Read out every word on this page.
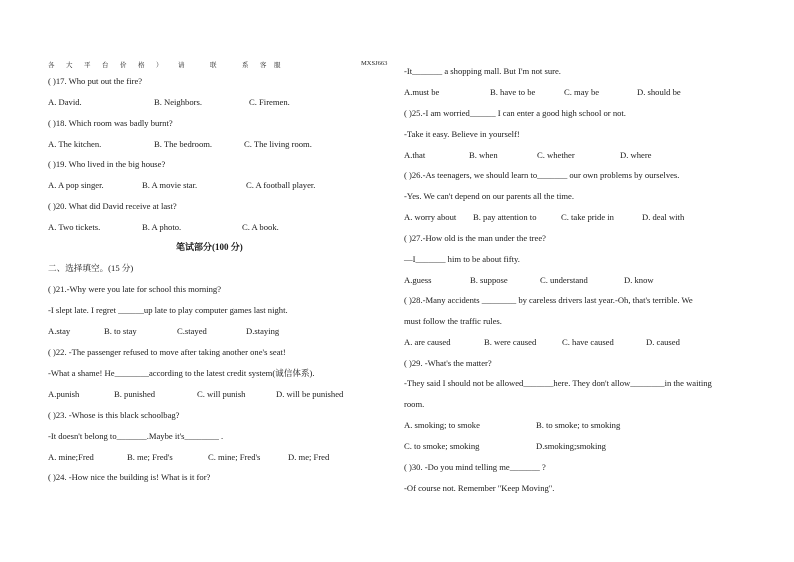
各 大 平 台 价 格 ） 请	联	系 客 服	MXSJ663
( )17. Who put out the fire?
A. David.	B. Neighbors.	C. Firemen.
( )18. Which room was badly burnt?
A. The kitchen.	B. The bedroom.	C. The living room.
( )19. Who lived in the big house?
A. A pop singer.	B. A movie star.	C. A football player.
( )20. What did David receive at last?
A. Two tickets.	B. A photo.	C. A book.
笔试部分(100 分)
二、选择填空。(15 分)
( )21.-Why were you late for school this morning?
-I slept late. I regret ______up late to play computer games last night.
A.stay	B. to stay	C.stayed	D.staying
( )22. -The passenger refused to move after taking another one's seat!
-What a shame! He________according to the latest credit system(诚信体系).
A.punish	B. punished	C. will punish	D. will be punished
( )23. -Whose is this black schoolbag?
-It doesn't belong to_______.Maybe it's________ .
A. mine;Fred	B. me; Fred's	C. mine; Fred's	D. me; Fred
( )24. -How nice the building is! What is it for?
-It_______ a shopping mall. But I'm not sure.
A.must be	B. have to be	C. may be	D. should be
( )25.-I am worried______ I can enter a good high school or not.
-Take it easy. Believe in yourself!
A.that	B. when	C. whether	D. where
( )26.-As teenagers, we should learn to_______ our own problems by ourselves.
-Yes. We can't depend on our parents all the time.
A. worry about B. pay attention to	C. take pride in	D. deal with
( )27.-How old is the man under the tree?
—I_______ him to be about fifty.
A.guess	B. suppose	C. understand	D. know
( )28.-Many accidents ________ by careless drivers last year.-Oh, that's terrible. We
must follow the traffic rules.
A. are caused	B. were caused	C. have caused	D. caused
( )29. -What's the matter?
-They said I should not be allowed_______here. They don't allow________in the waiting
room.
A. smoking; to smoke	B. to smoke; to smoking
C. to smoke; smoking	D.smoking;smoking
( )30. -Do you mind telling me_______ ?
-Of course not. Remember "Keep Moving".
